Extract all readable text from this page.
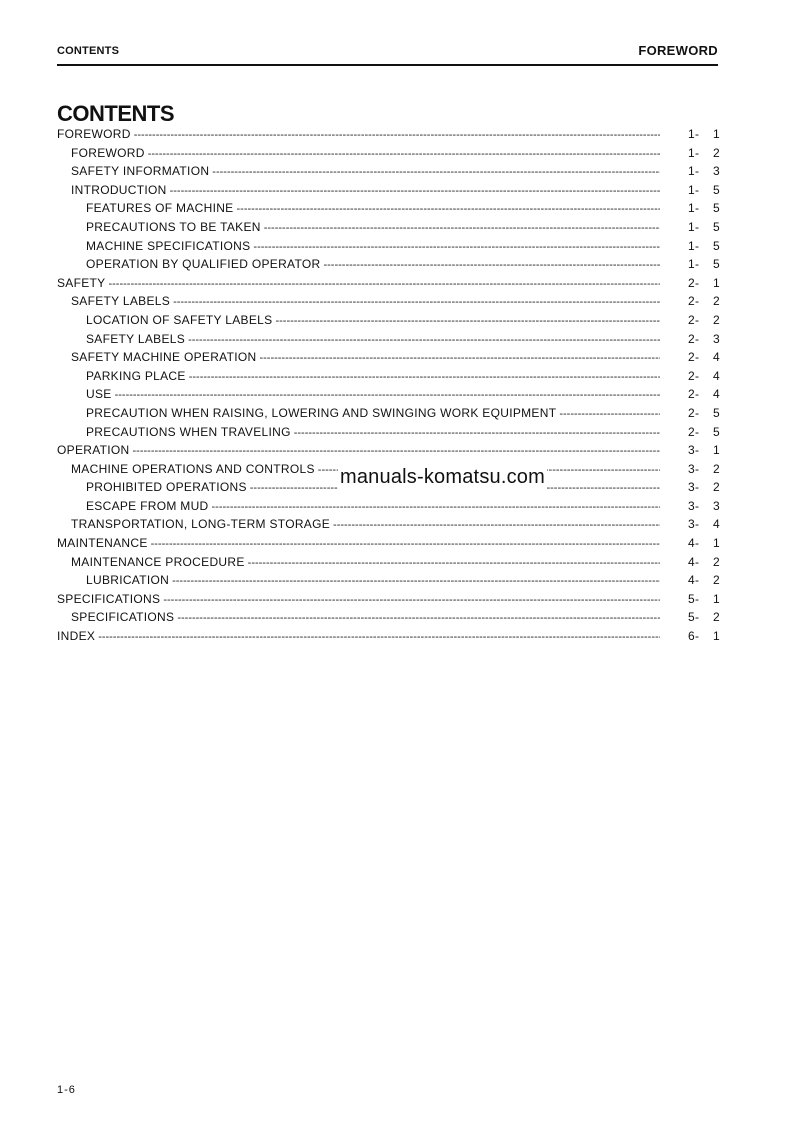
CONTENTS	FOREWORD
CONTENTS
FOREWORD -----	1-	1
FOREWORD -----	1-	2
SAFETY INFORMATION -----	1-	3
INTRODUCTION -----	1-	5
FEATURES OF MACHINE -----	1-	5
PRECAUTIONS TO BE TAKEN -----	1-	5
MACHINE SPECIFICATIONS -----	1-	5
OPERATION BY QUALIFIED OPERATOR -----	1-	5
SAFETY -----	2-	1
SAFETY LABELS -----	2-	2
LOCATION OF SAFETY LABELS -----	2-	2
SAFETY LABELS -----	2-	3
SAFETY MACHINE OPERATION -----	2-	4
PARKING PLACE -----	2-	4
USE -----	2-	4
PRECAUTION WHEN RAISING, LOWERING AND SWINGING WORK EQUIPMENT -----	2-	5
PRECAUTIONS WHEN TRAVELING -----	2-	5
OPERATION -----	3-	1
MACHINE OPERATIONS AND CONTROLS -----	3-	2
PROHIBITED OPERATIONS -----	3-	2
ESCAPE FROM MUD -----	3-	3
TRANSPORTATION, LONG-TERM STORAGE -----	3-	4
MAINTENANCE -----	4-	1
MAINTENANCE PROCEDURE -----	4-	2
LUBRICATION -----	4-	2
SPECIFICATIONS -----	5-	1
SPECIFICATIONS -----	5-	2
INDEX -----	6-	1
manuals-komatsu.com
1-6
